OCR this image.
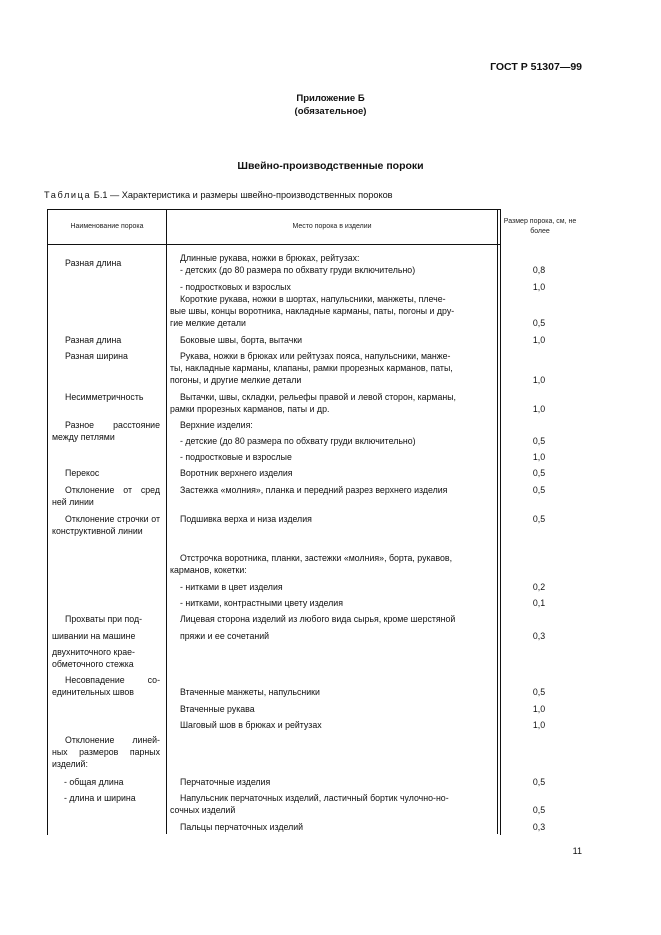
ГОСТ Р 51307—99
Приложение Б
(обязательное)
Швейно-производственные пороки
Таблица Б.1 — Характеристика и размеры швейно-производственных пороков
Наименование порока	Место порока в изделии
Размер порока, см, не более
Разная длина
Разная длина
Разная ширина
Несимметричность
Разное расстояние между петлями
Перекос
Отклонение от сред ней линии
Отклонение строчки от конструктивной линии
Прохваты при под-
шивании на машине
двухниточного крае-
обметочного стежка
Несовпадение со-единительных швов
Отклонение линей-ных размеров парных изделий:
- общая длина
- длина и ширина
Длинные рукава, ножки в брюках, рейтузах:
- детских (до 80 размера по обхвату груди включительно)
- подростковых и взрослых
Короткие рукава, ножки в шортах, напульсники, манжеты, плече-
вые швы, концы воротника, накладные карманы, паты, погоны и дру-
гие мелкие детали
Боковые швы, борта, вытачки
Рукава, ножки в брюках или рейтузах пояса, напульсники, манже-
ты, накладные карманы, клапаны, рамки прорезных карманов, паты,
погоны, и другие мелкие детали
Вытачки, швы, складки, рельефы правой и левой сторон, карманы,
рамки прорезных карманов, паты и др.
Верхние изделия:
- детские (до 80 размера по обхвату груди включительно)
- подростковые и взрослые
Воротник верхнего изделия
Застежка «молния», планка и передний разрез верхнего изделия
Подшивка верха и низа изделия
Отстрочка воротника, планки, застежки «молния», борта, рукавов,
карманов, кокетки:
- нитками в цвет изделия
- нитками, контрастными цвету изделия
Лицевая сторона изделий из любого вида сырья, кроме шерстяной
пряжи и ее сочетаний
Втаченные манжеты, напульсники
Втаченные рукава
Шаговый шов в брюках и рейтузах
Перчаточные изделия
Напульсник перчаточных изделий, ластичный бортик чулочно-но-
сочных изделий
Пальцы перчаточных изделий
0,8
1,0
0,5
1,0
1,0
1,0
0,5
1,0
0,5
0,5
0,5
0,2
0,1
0,3
0,5
1,0
1,0
0,5
0,5
0,3
11
